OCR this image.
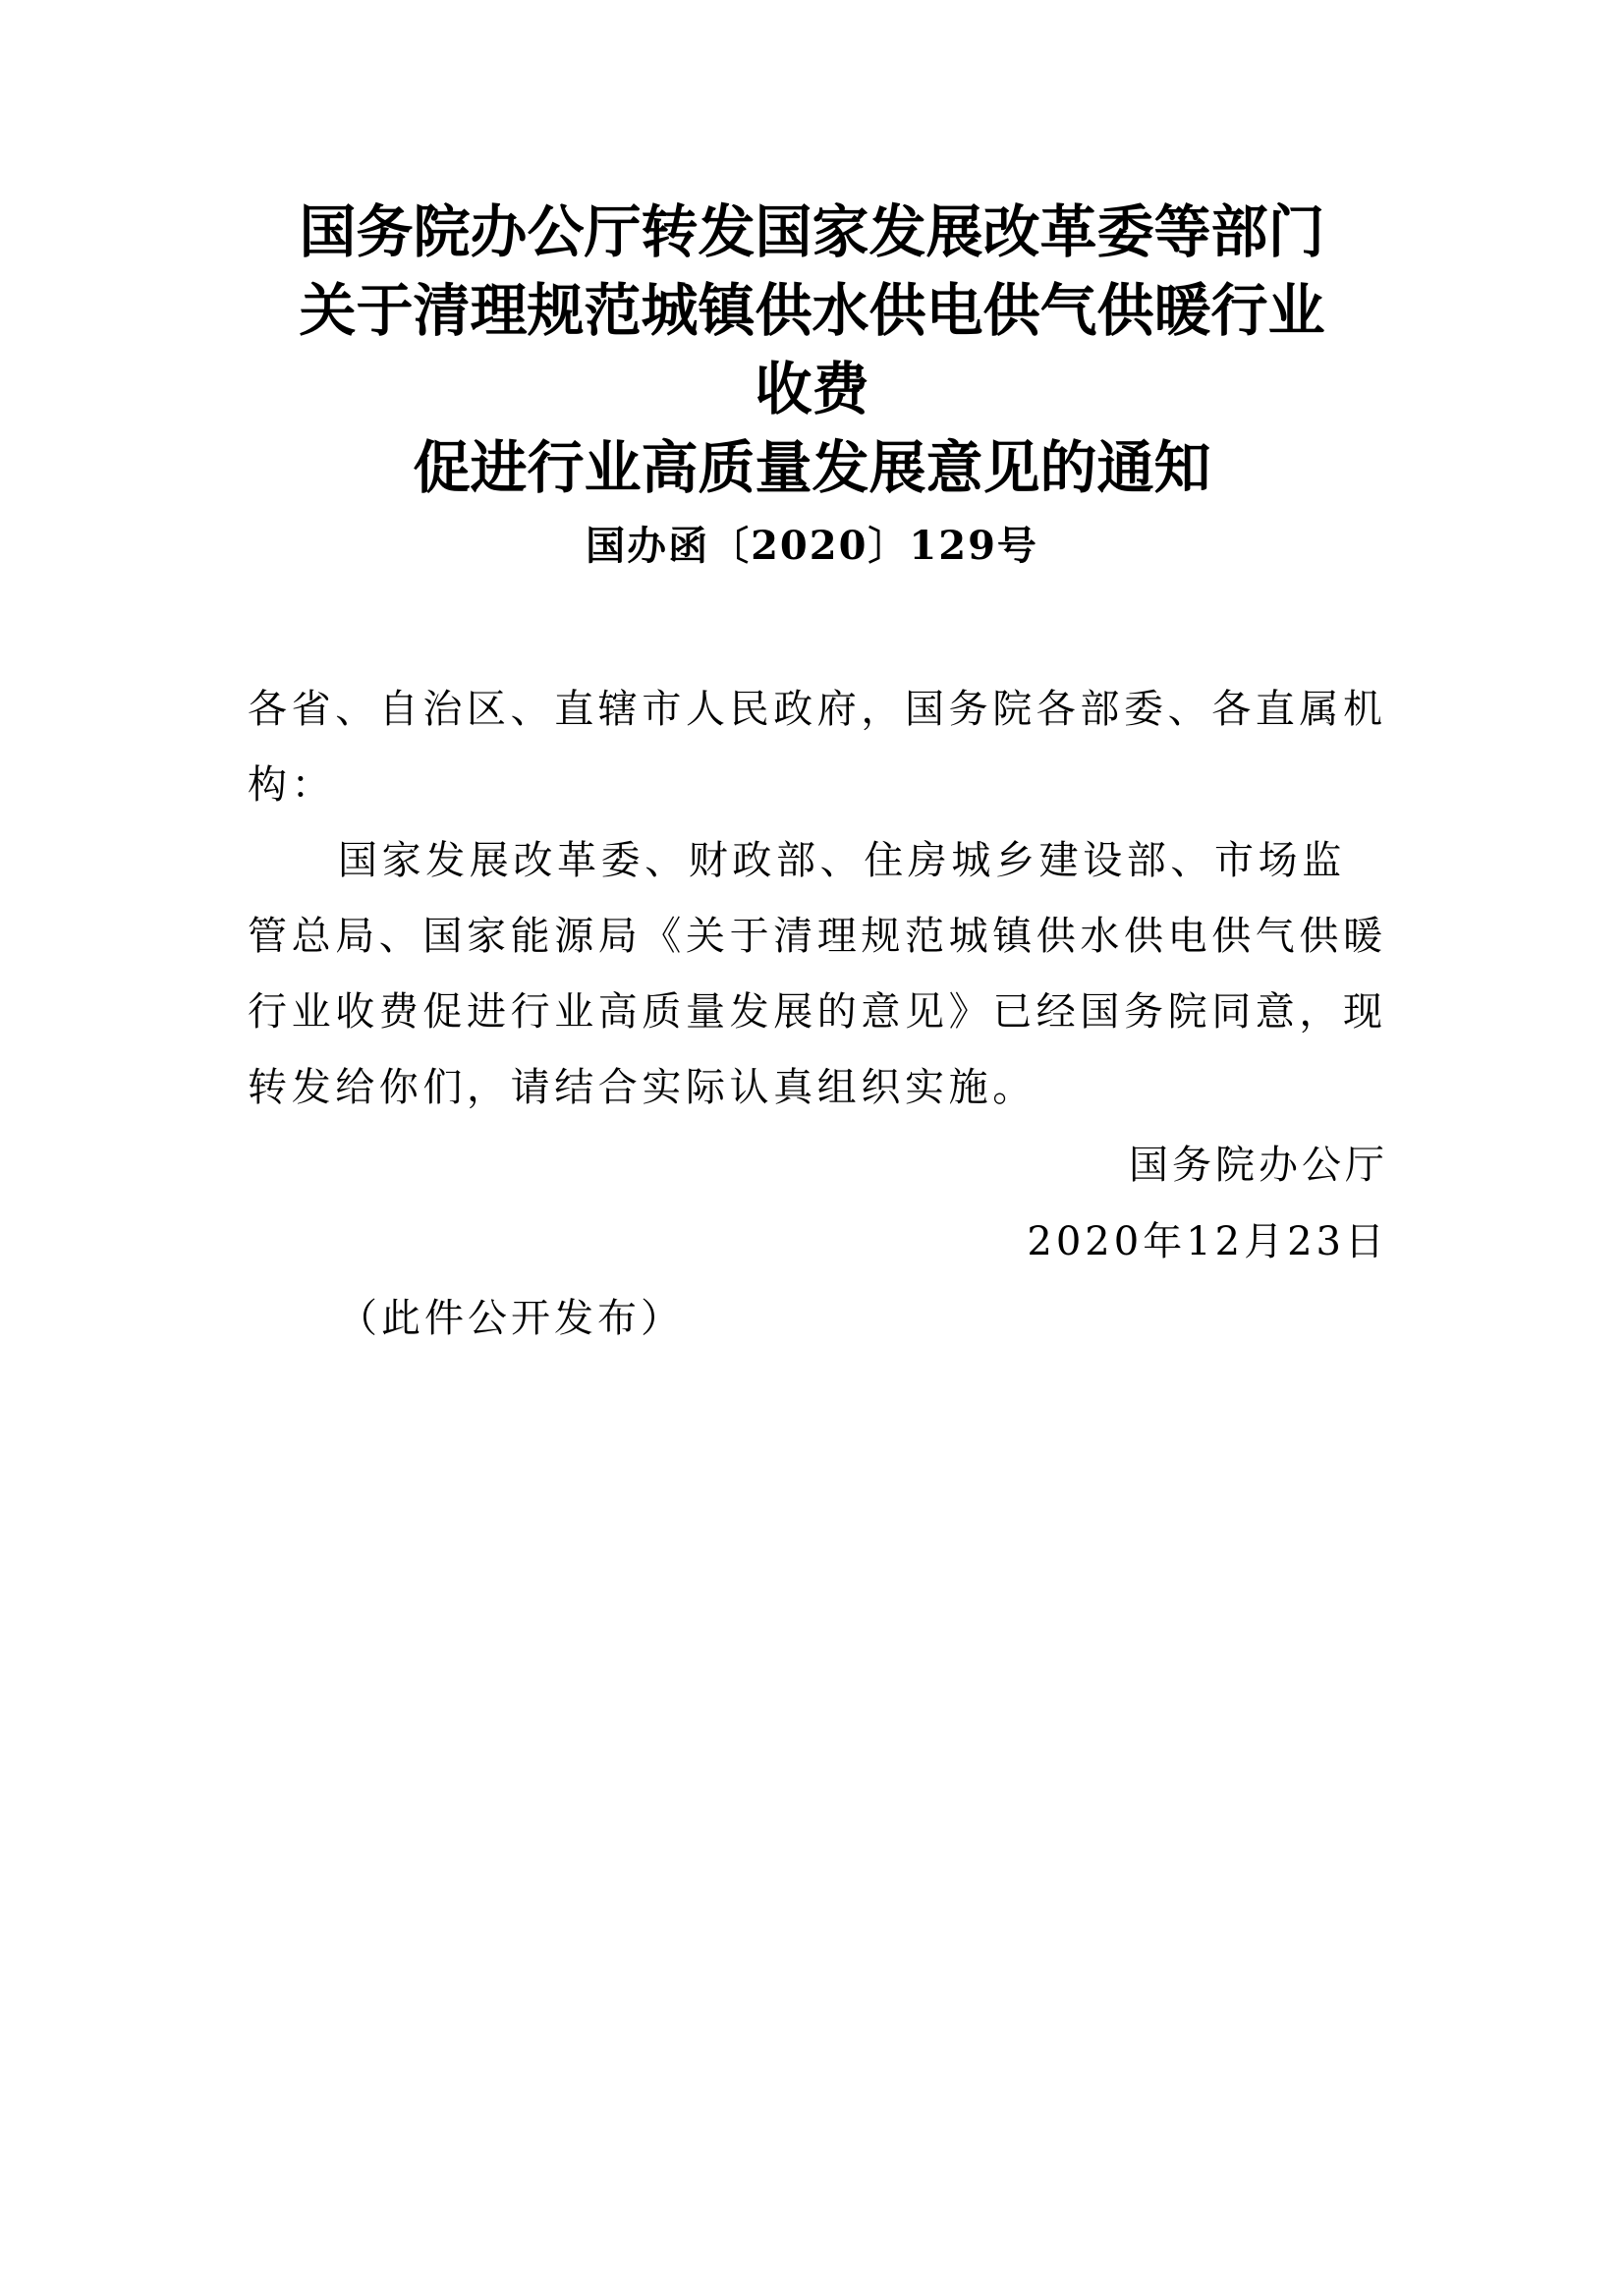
国务院办公厅转发国家发展改革委等部门
关于清理规范城镇供水供电供气供暖行业
收费
促进行业高质量发展意见的通知
国办函〔2020〕129号
各省、自治区、直辖市人民政府，国务院各部委、各直属机构：
国家发展改革委、财政部、住房城乡建设部、市场监管总局、国家能源局《关于清理规范城镇供水供电供气供暖行业收费促进行业高质量发展的意见》已经国务院同意，现转发给你们，请结合实际认真组织实施。
国务院办公厅
2020年12月23日
（此件公开发布）
